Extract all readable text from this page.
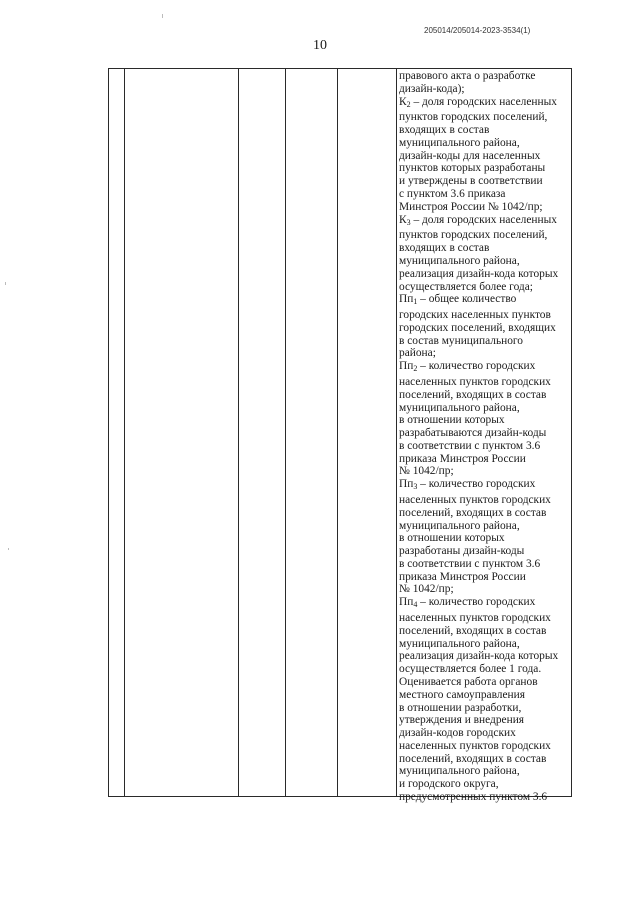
205014/205014-2023-3534(1)
10
правового акта о разработке
дизайн-кода);
$К_2$ – доля городских населенных
пунктов городских поселений,
входящих в состав
муниципального района,
дизайн-коды для населенных
пунктов которых разработаны
и утверждены в соответствии
с пунктом 3.6 приказа
Минстроя России № 1042/пр;
$К_3$ – доля городских населенных
пунктов городских поселений,
входящих в состав
муниципального района,
реализация дизайн-кода которых
осуществляется более года;
$Пп_1$ – общее количество
городских населенных пунктов
городских поселений, входящих
в состав муниципального
района;
$Пп_2$ – количество городских
населенных пунктов городских
поселений, входящих в состав
муниципального района,
в отношении которых
разрабатываются дизайн-коды
в соответствии с пунктом 3.6
приказа Минстроя России
№ 1042/пр;
$Пп_3$ – количество городских
населенных пунктов городских
поселений, входящих в состав
муниципального района,
в отношении которых
разработаны дизайн-коды
в соответствии с пунктом 3.6
приказа Минстроя России
№ 1042/пр;
$Пп_4$ – количество городских
населенных пунктов городских
поселений, входящих в состав
муниципального района,
реализация дизайн-кода которых
осуществляется более 1 года.
Оценивается работа органов
местного самоуправления
в отношении разработки,
утверждения и внедрения
дизайн-кодов городских
населенных пунктов городских
поселений, входящих в состав
муниципального района,
и городского округа,
предусмотренных пунктом 3.6
